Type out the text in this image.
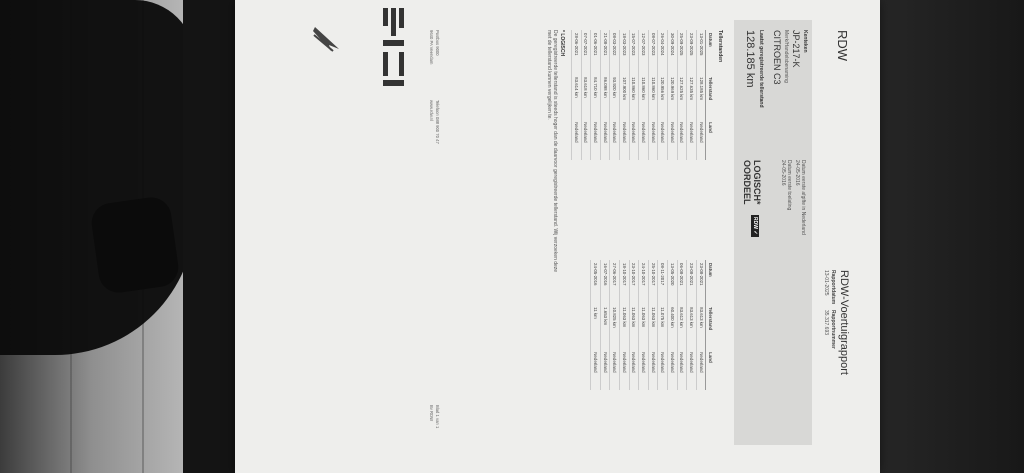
RDW
RDW-Voertuigrapport
Rapportdatum
Rapportnummer
13-01-2025
35.317.693
Kenteken
JP-217-K
Merk/Handelsbenaming
CITROEN C3
Datum eerste afgifte in Nederland
24-05-2016
Datum eerste toelating
24-05-2016
Laatst geregistreerde tellerstand
128.185 km
LOGISCH*
OORDEEL
RDW ✓
Tellerstanden
Datum	Tellerstand	Land
13-01-2025	128.185 km	Nederland
23-09-2025	127.635 km	Nederland
25-09-2025	127.625 km	Nederland
30-09-2024	120.969 km	Nederland
26-04-2024	120.956 km	Nederland
08-07-2023	110.860 km	Nederland
12-07-2023	110.860 km	Nederland
15-07-2023	110.860 km	Nederland
18-03-2023	107.900 km	Nederland
08-03-2022	93.920 km	Nederland
21-08-2021	86.098 km	Nederland
01-06-2021	84.710 km	Nederland
07-07-2021	83.618 km	Nederland
28-06-2021	83.614 km	Nederland
Datum	Tellerstand	Land
23-08-2021	83.613 km	Nederland
23-08-2021	83.613 km	Nederland
06-08-2021	83.612 km	Nederland
13-05-2020	60.400 km	Nederland
08-11-2017	11.075 km	Nederland
25-10-2017	11.063 km	Nederland
24-10-2017	11.063 km	Nederland
23-10-2017	11.063 km	Nederland
18-10-2017	11.063 km	Nederland
27-06-2017	10.825 km	Nederland
16-07-2016	1.653 km	Nederland
24-05-2016	11 km	Nederland
* LOGISCH
De geregistreerde tellerstand is steeds hoger dan de daarvoor geregistreerde tellerstand. Wij verzoeken deze
met de tellerstand kunnen vergelijken te.
Postbus 9000
9640 PA Veendam
Telefoon 088 900 70 47
www.rdw.nl
Blad 1 van 1
Bv RDW
